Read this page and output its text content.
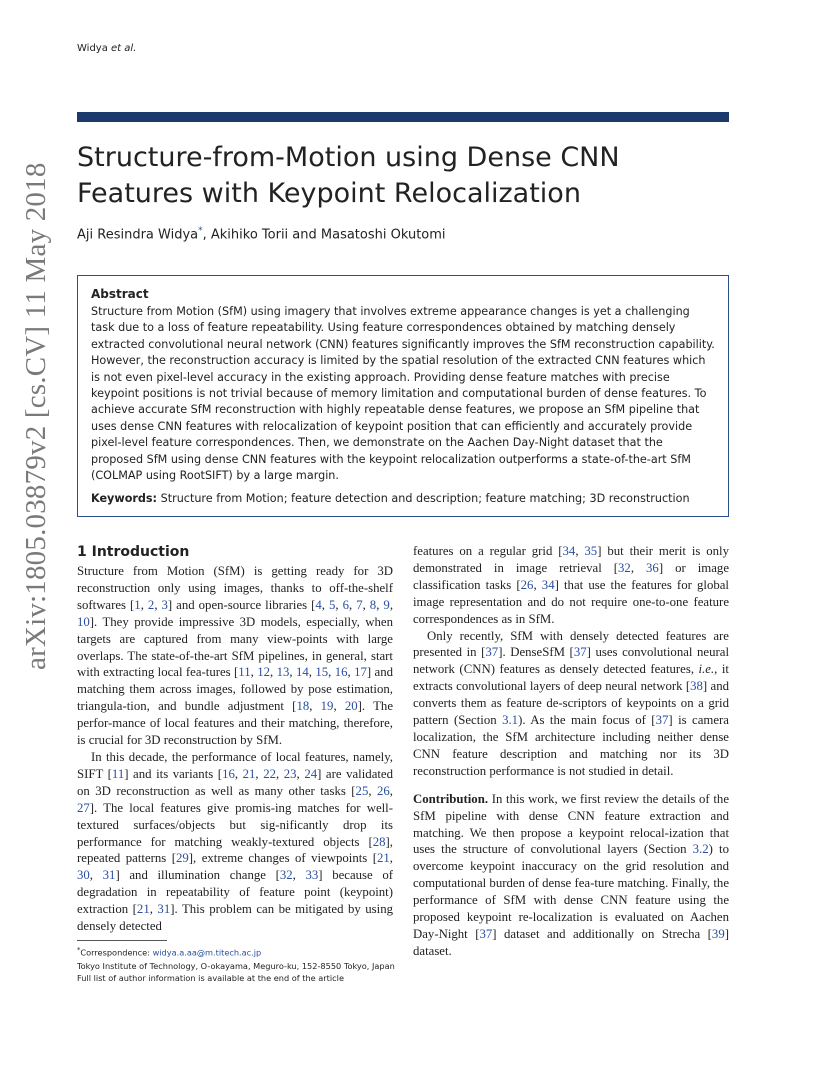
Widya et al.
Structure-from-Motion using Dense CNN
Features with Keypoint Relocalization
Aji Resindra Widya*, Akihiko Torii and Masatoshi Okutomi
arXiv:1805.03879v2 [cs.CV] 11 May 2018	Abstract

Structure from Motion (SfM) using imagery that involves extreme appearance changes is yet a challenging task due to a loss of feature repeatability. Using feature correspondences obtained by matching densely extracted convolutional neural network (CNN) features significantly improves the SfM reconstruction capability. However, the reconstruction accuracy is limited by the spatial resolution of the extracted CNN features which is not even pixel-level accuracy in the existing approach. Providing dense feature matches with precise keypoint positions is not trivial because of memory limitation and computational burden of dense features. To achieve accurate SfM reconstruction with highly repeatable dense features, we propose an SfM pipeline that uses dense CNN features with relocalization of keypoint position that can efficiently and accurately provide pixel-level feature correspondences. Then, we demonstrate on the Aachen Day-Night dataset that the proposed SfM using dense CNN features with the keypoint relocalization outperforms a state-of-the-art SfM (COLMAP using RootSIFT) by a large margin.

Keywords: Structure from Motion; feature detection and description; feature matching; 3D reconstruction

1 Introduction

Structure from Motion (SfM) is getting ready for 3D reconstruction only using images, thanks to off-the-shelf softwares [1, 2, 3] and open-source libraries [4, 5, 6, 7, 8, 9, 10]. They provide impressive 3D models, especially, when targets are captured from many view-points with large overlaps. The state-of-the-art SfM pipelines, in general, start with extracting local fea-tures [11, 12, 13, 14, 15, 16, 17] and matching them across images, followed by pose estimation, triangula-tion, and bundle adjustment [18, 19, 20]. The perfor-mance of local features and their matching, therefore, is crucial for 3D reconstruction by SfM.

In this decade, the performance of local features, namely, SIFT [11] and its variants [16, 21, 22, 23, 24] are validated on 3D reconstruction as well as many other tasks [25, 26, 27]. The local features give promis-ing matches for well-textured surfaces/objects but sig-nificantly drop its performance for matching weakly-textured objects [28], repeated patterns [29], extreme changes of viewpoints [21, 30, 31] and illumination change [32, 33] because of degradation in repeatability of feature point (keypoint) extraction [21, 31]. This problem can be mitigated by using densely detected

features on a regular grid [34, 35] but their merit is only demonstrated in image retrieval [32, 36] or image classification tasks [26, 34] that use the features for global image representation and do not require one-to-one feature correspondences as in SfM.

Only recently, SfM with densely detected features are presented in [37]. DenseSfM [37] uses convolutional neural network (CNN) features as densely detected features, i.e., it extracts convolutional layers of deep neural network [38] and converts them as feature de-scriptors of keypoints on a grid pattern (Section 3.1). As the main focus of [37] is camera localization, the SfM architecture including neither dense CNN feature description and matching nor its 3D reconstruction performance is not studied in detail.

Contribution. In this work, we first review the details of the SfM pipeline with dense CNN feature extraction and matching. We then propose a keypoint relocal-ization that uses the structure of convolutional layers (Section 3.2) to overcome keypoint inaccuracy on the grid resolution and computational burden of dense fea-ture matching. Finally, the performance of SfM with dense CNN feature using the proposed keypoint re-localization is evaluated on Aachen Day-Night [37] dataset and additionally on Strecha [39] dataset.

*Correspondence: widya.a.aa@m.titech.ac.jp

Tokyo Institute of Technology, O-okayama, Meguro-ku, 152-8550 Tokyo, Japan

Full list of author information is available at the end of the article
